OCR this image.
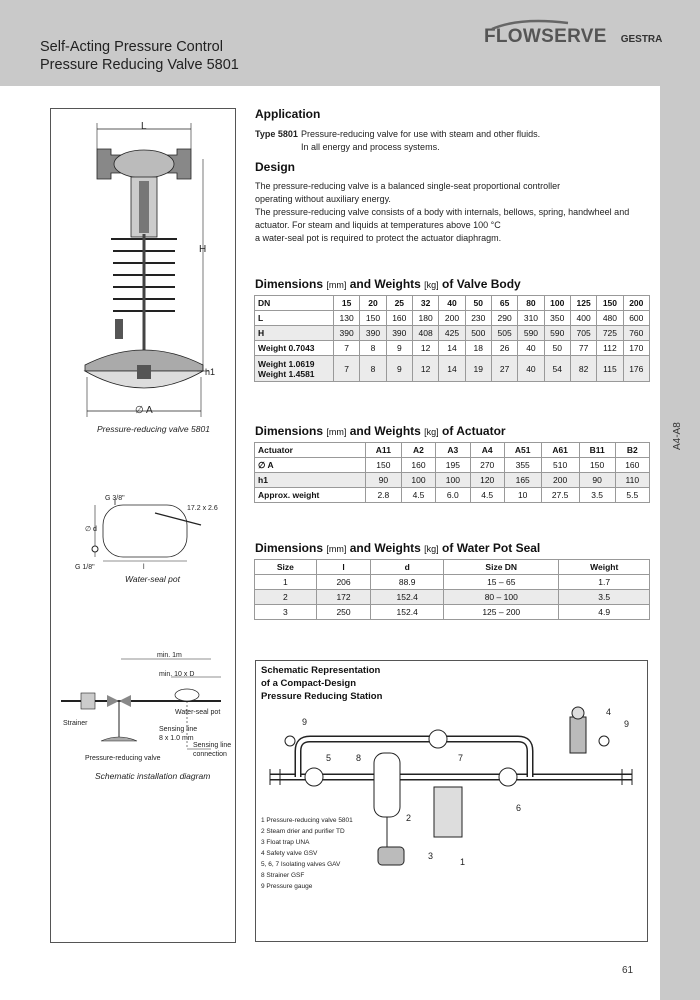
Self-Acting Pressure Control
Pressure Reducing Valve 5801
FLOWSERVE GESTRA
A4-A8
L
H
h1
∅ A
Pressure-reducing valve 5801
G 3/8"
17.2 x 2.6
∅ d
G 1/8"	l
Water-seal pot
min. 1m
min. 10 x D
Water-seal pot
Strainer
Sensing line
8 x 1.0 mm
Sensing line
connection
Pressure-reducing valve
Schematic installation diagram
Application
Type 5801 Pressure-reducing valve for use with steam and other fluids.
In all energy and process systems.
Design
The pressure-reducing valve is a balanced single-seat proportional controller
operating without auxiliary energy.
The pressure-reducing valve consists of a body with internals, bellows, spring, handwheel and
actuator. For steam and liquids at temperatures above 100 °C
a water-seal pot is required to protect the actuator diaphragm.
Dimensions [mm] and Weights [kg] of Valve Body
DN	15	20	25	32	40	50	65	80	100	125	150	200
L	130	150	160	180	200	230	290	310	350	400	480	600
H	390	390	390	408	425	500	505	590	590	705	725	760
Weight 0.7043	7	8	9	12	14	18	26	40	50	77	112	170
Weight 1.0619
Weight 1.4581	7	8	9	12	14	19	27	40	54	82	115	176
Dimensions [mm] and Weights [kg] of Actuator
Actuator	A11	A2	A3	A4	A51	A61	B11	B2
∅ A	150	160	195	270	355	510	150	160
h1	90	100	100	120	165	200	90	110
Approx. weight	2.8	4.5	6.0	4.5	10	27.5	3.5	5.5
Dimensions [mm] and Weights [kg] of Water Pot Seal
Size	l	d	Size DN	Weight
1	206	88.9	15 – 65	1.7
2	172	152.4	80 – 100	3.5
3	250	152.4	125 – 200	4.9
Schematic Representation
of a Compact-Design
Pressure Reducing Station
9	9
4
5	8	7
6
2
3
1
1 Pressure-reducing valve 5801
2 Steam drier and purifier TD
3 Float trap UNA
4 Safety valve GSV
5, 6, 7 Isolating valves GAV
8 Strainer GSF
9 Pressure gauge
61
